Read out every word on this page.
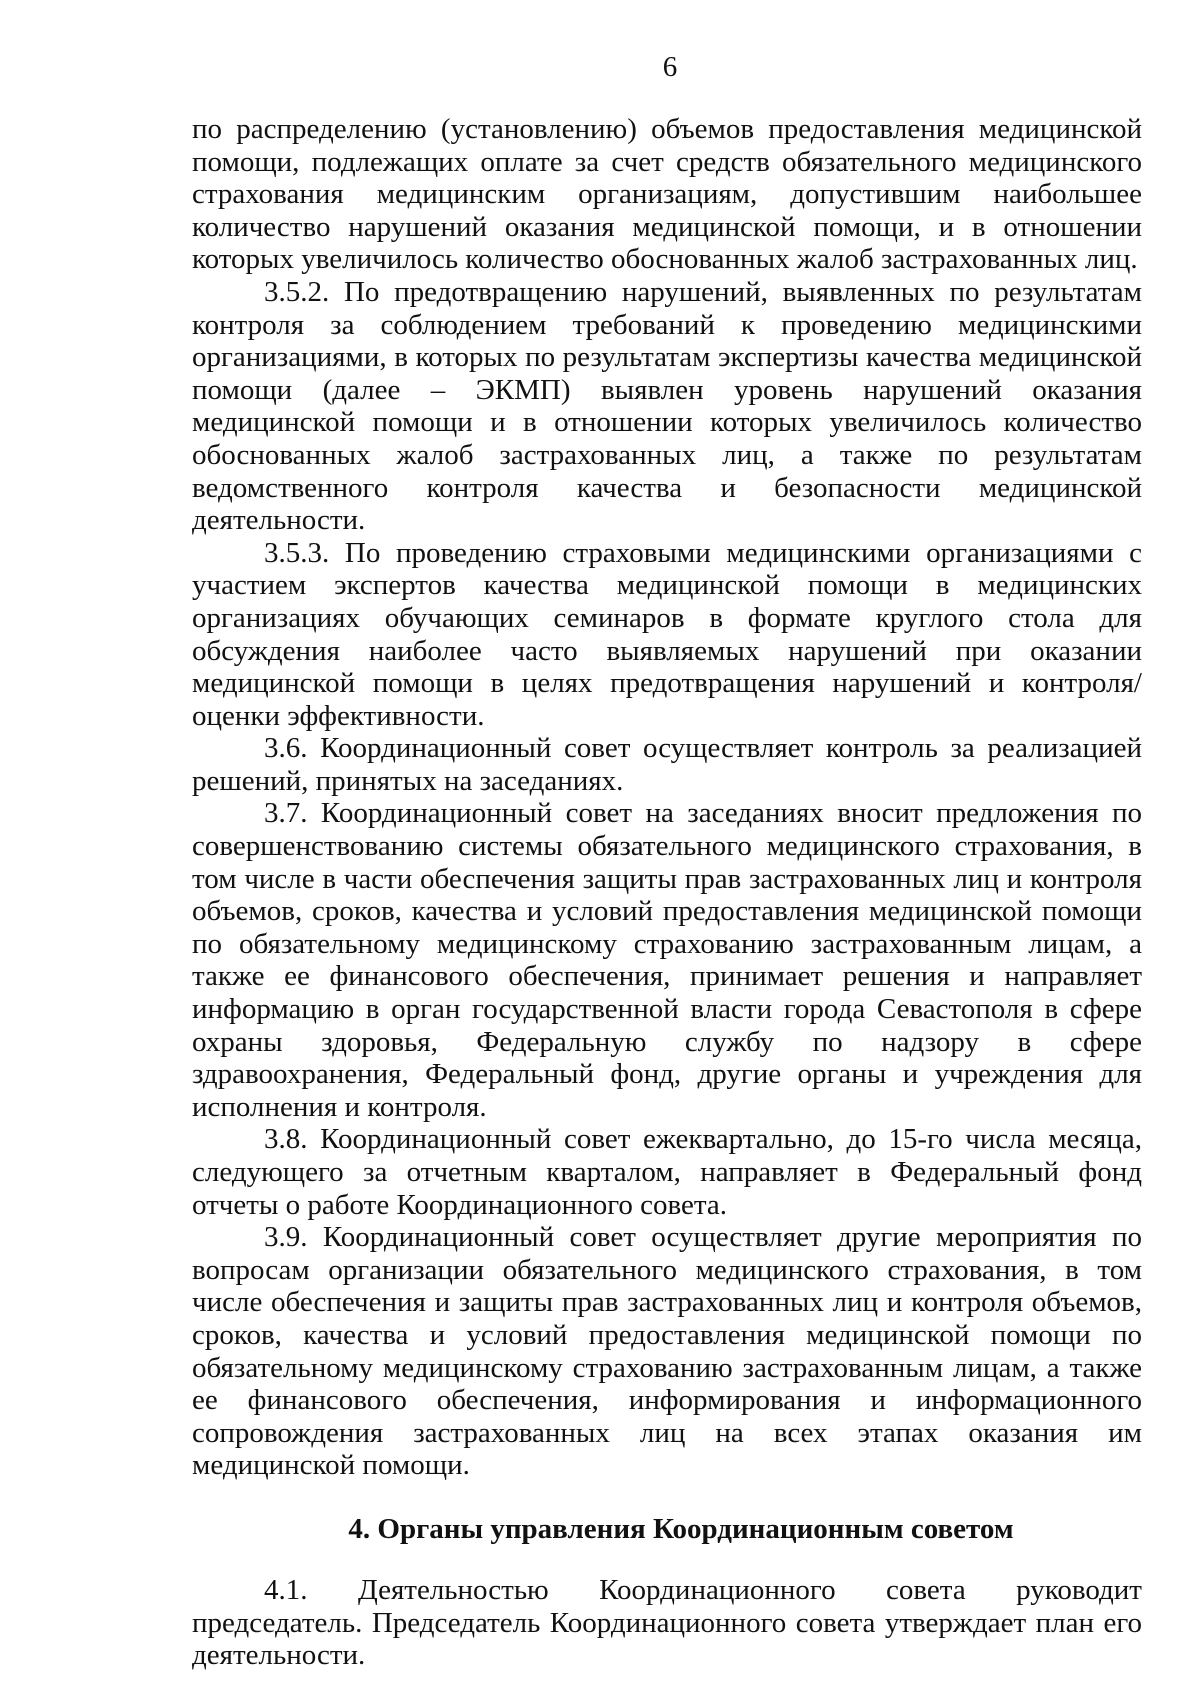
6

по распределению (установлению) объемов предоставления медицинской помощи, подлежащих оплате за счет средств обязательного медицинского страхования медицинским организациям, допустившим наибольшее количество нарушений оказания медицинской помощи, и в отношении которых увеличилось количество обоснованных жалоб застрахованных лиц.

3.5.2. По предотвращению нарушений, выявленных по результатам контроля за соблюдением требований к проведению медицинскими организациями, в которых по результатам экспертизы качества медицинской помощи (далее – ЭКМП) выявлен уровень нарушений оказания медицинской помощи и в отношении которых увеличилось количество обоснованных жалоб застрахованных лиц, а также по результатам ведомственного контроля качества и безопасности медицинской деятельности.

3.5.3. По проведению страховыми медицинскими организациями с участием экспертов качества медицинской помощи в медицинских организациях обучающих семинаров в формате круглого стола для обсуждения наиболее часто выявляемых нарушений при оказании медицинской помощи в целях предотвращения нарушений и контроля/оценки эффективности.

3.6. Координационный совет осуществляет контроль за реализацией решений, принятых на заседаниях.

3.7. Координационный совет на заседаниях вносит предложения по совершенствованию системы обязательного медицинского страхования, в том числе в части обеспечения защиты прав застрахованных лиц и контроля объемов, сроков, качества и условий предоставления медицинской помощи по обязательному медицинскому страхованию застрахованным лицам, а также ее финансового обеспечения, принимает решения и направляет информацию в орган государственной власти города Севастополя в сфере охраны здоровья, Федеральную службу по надзору в сфере здравоохранения, Федеральный фонд, другие органы и учреждения для исполнения и контроля.

3.8. Координационный совет ежеквартально, до 15-го числа месяца, следующего за отчетным кварталом, направляет в Федеральный фонд отчеты о работе Координационного совета.

3.9. Координационный совет осуществляет другие мероприятия по вопросам организации обязательного медицинского страхования, в том числе обеспечения и защиты прав застрахованных лиц и контроля объемов, сроков, качества и условий предоставления медицинской помощи по обязательному медицинскому страхованию застрахованным лицам, а также ее финансового обеспечения, информирования и информационного сопровождения застрахованных лиц на всех этапах оказания им медицинской помощи.

4. Органы управления Координационным советом

4.1. Деятельностью Координационного совета руководит председатель. Председатель Координационного совета утверждает план его деятельности.
